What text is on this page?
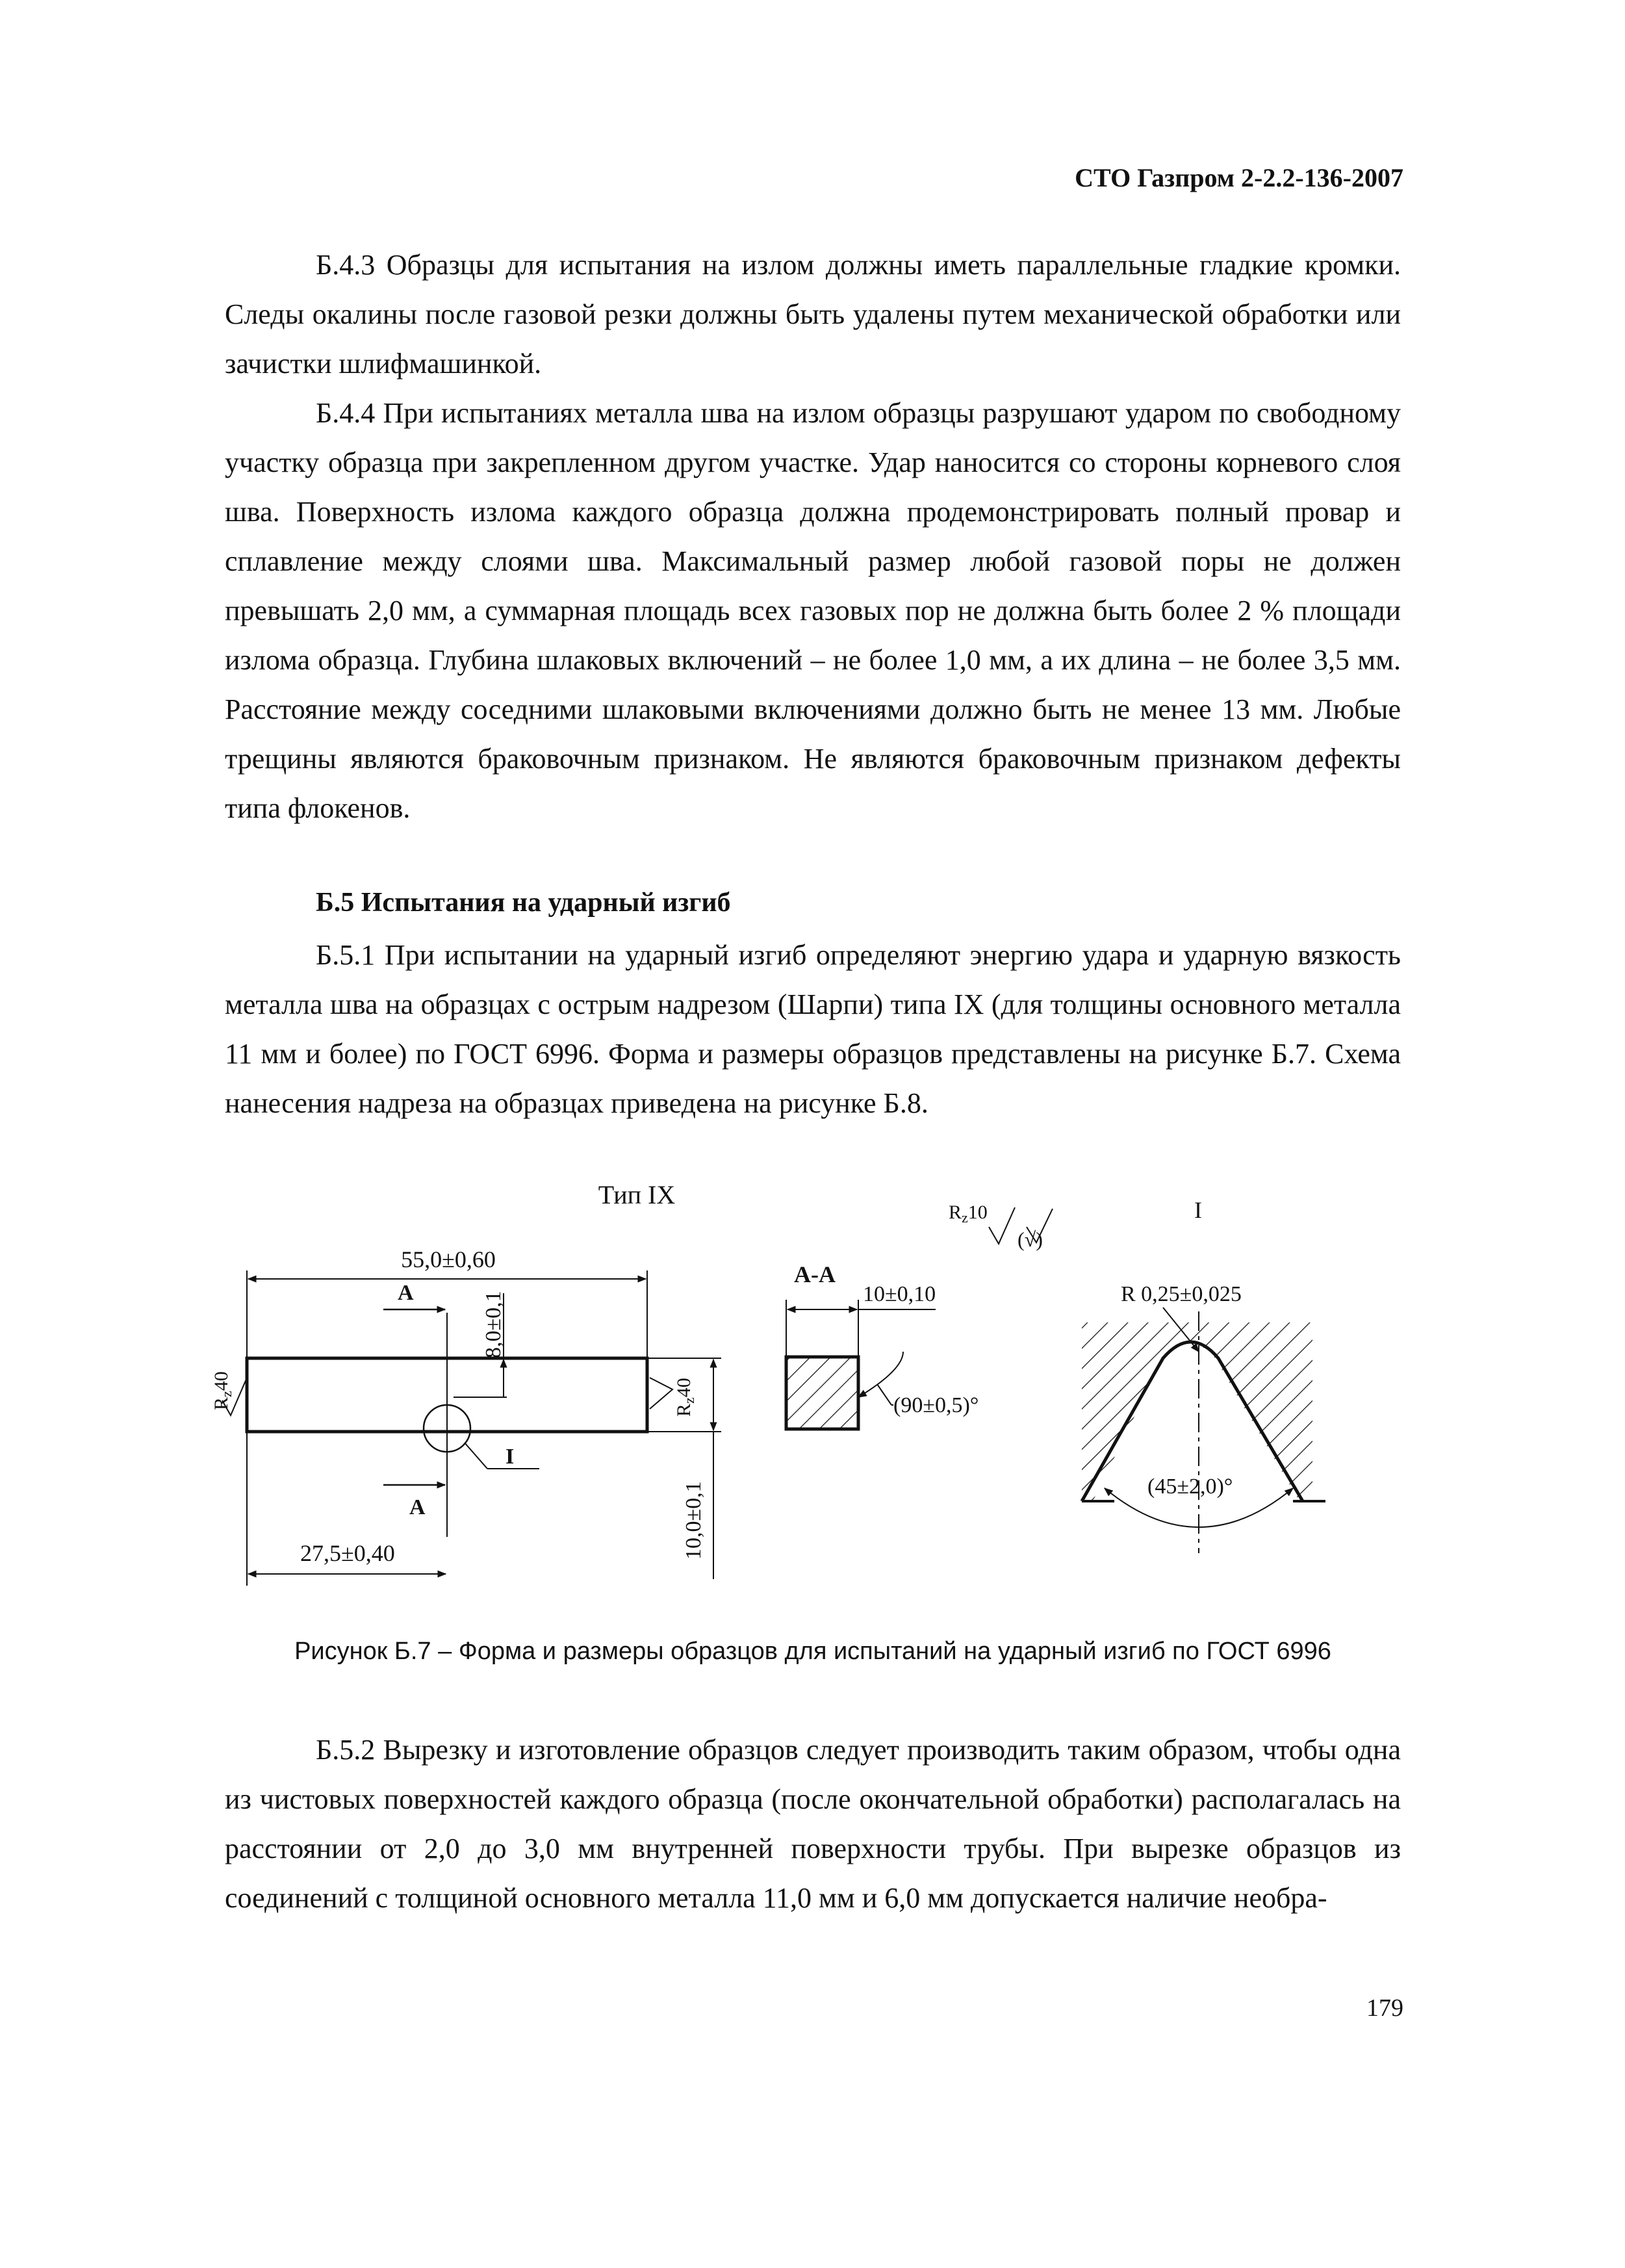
СТО Газпром 2-2.2-136-2007

Б.4.3 Образцы для испытания на излом должны иметь параллельные гладкие кромки. Следы окалины после газовой резки должны быть удалены путем механической обработки или зачистки шлифмашинкой.

Б.4.4 При испытаниях металла шва на излом образцы разрушают ударом по свободному участку образца при закрепленном другом участке. Удар наносится со стороны корневого слоя шва. Поверхность излома каждого образца должна продемонстрировать полный провар и сплавление между слоями шва. Максимальный размер любой газовой поры не должен превышать 2,0 мм, а суммарная площадь всех газовых пор не должна быть более 2 % площади излома образца. Глубина шлаковых включений – не более 1,0 мм, а их длина – не более 3,5 мм. Расстояние между соседними шлаковыми включениями должно быть не менее 13 мм. Любые трещины являются браковочным признаком. Не являются браковочным признаком дефекты типа флокенов.

Б.5 Испытания на ударный изгиб

Б.5.1 При испытании на ударный изгиб определяют энергию удара и ударную вязкость металла шва на образцах с острым надрезом (Шарпи) типа IX (для толщины основного металла 11 мм и более) по ГОСТ 6996. Форма и размеры образцов представлены на рисунке Б.7. Схема нанесения надреза на образцах приведена на рисунке Б.8.

Тип IX
55,0±0,60
А
А
8,0±0,1
I
27,5±0,40	10,0±0,1
$R_z40$
$R_z40$
А-А
10±0,10
(90±0,5)°
$R_z10$
(√)
I
R 0,25±0,025
(45±2,0)°
Рисунок Б.7 – Форма и размеры образцов для испытаний на ударный изгиб по ГОСТ 6996

Б.5.2 Вырезку и изготовление образцов следует производить таким образом, чтобы одна из чистовых поверхностей каждого образца (после окончательной обработки) располагалась на расстоянии от 2,0 до 3,0 мм внутренней поверхности трубы. При вырезке образцов из соединений с толщиной основного металла 11,0 мм и 6,0 мм допускается наличие необра-

179
